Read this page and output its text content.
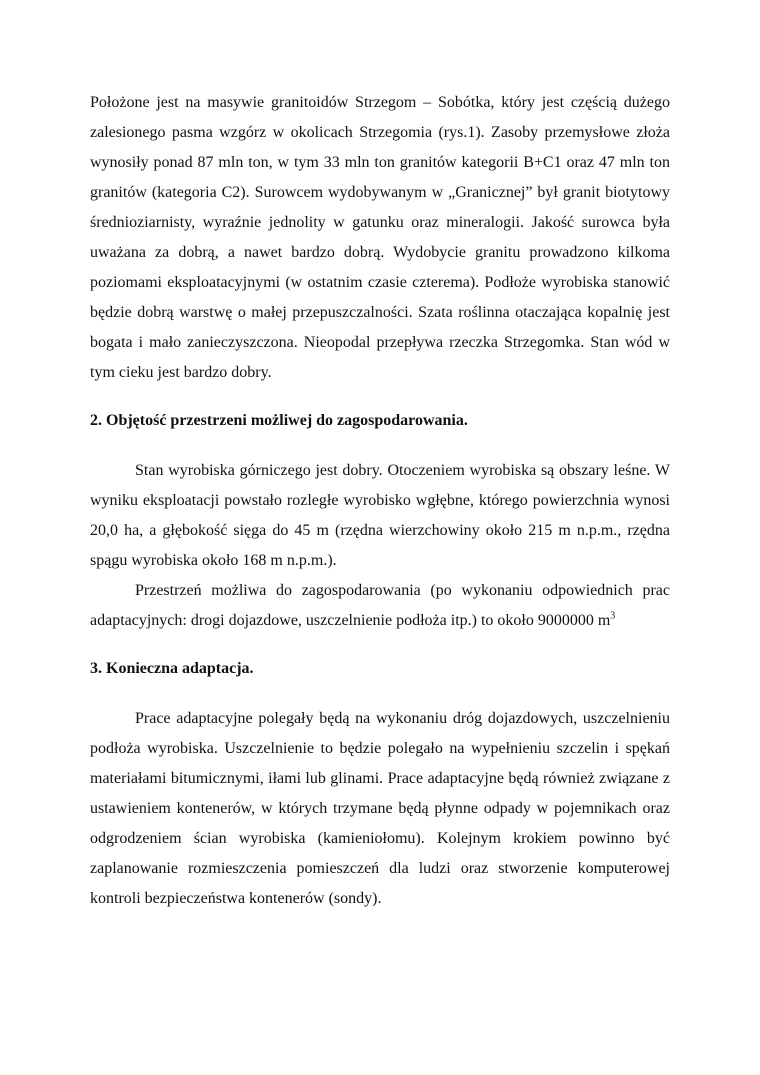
Położone jest na masywie granitoidów Strzegom – Sobótka, który jest częścią dużego zalesionego pasma wzgórz w okolicach Strzegomia (rys.1). Zasoby przemysłowe złoża wynosiły ponad 87 mln ton, w tym 33 mln ton granitów kategorii B+C1 oraz 47 mln ton granitów (kategoria C2). Surowcem wydobywanym w „Granicznej” był granit biotytowy średnioziarnisty, wyraźnie jednolity w gatunku oraz mineralogii. Jakość surowca była uważana za dobrą, a nawet bardzo dobrą. Wydobycie granitu prowadzono kilkoma poziomami eksploatacyjnymi (w ostatnim czasie czterema). Podłoże wyrobiska stanowić będzie dobrą warstwę o małej przepuszczalności. Szata roślinna otaczająca kopalnię jest bogata i mało zanieczyszczona. Nieopodal przepływa rzeczka Strzegomka. Stan wód w tym cieku jest bardzo dobry.

2. Objętość przestrzeni możliwej do zagospodarowania.

Stan wyrobiska górniczego jest dobry. Otoczeniem wyrobiska są obszary leśne. W wyniku eksploatacji powstało rozległe wyrobisko wgłębne, którego powierzchnia wynosi 20,0 ha, a głębokość sięga do 45 m (rzędna wierzchowiny około 215 m n.p.m., rzędna spągu wyrobiska około 168 m n.p.m.).

Przestrzeń możliwa do zagospodarowania (po wykonaniu odpowiednich prac adaptacyjnych: drogi dojazdowe, uszczelnienie podłoża itp.) to około 9000000 $m^3$

3. Konieczna adaptacja.

Prace adaptacyjne polegały będą na wykonaniu dróg dojazdowych, uszczelnieniu podłoża wyrobiska. Uszczelnienie to będzie polegało na wypełnieniu szczelin i spękań materiałami bitumicznymi, iłami lub glinami. Prace adaptacyjne będą również związane z ustawieniem kontenerów, w których trzymane będą płynne odpady w pojemnikach oraz odgrodzeniem ścian wyrobiska (kamieniołomu). Kolejnym krokiem powinno być zaplanowanie rozmieszczenia pomieszczeń dla ludzi oraz stworzenie komputerowej kontroli bezpieczeństwa kontenerów (sondy).
